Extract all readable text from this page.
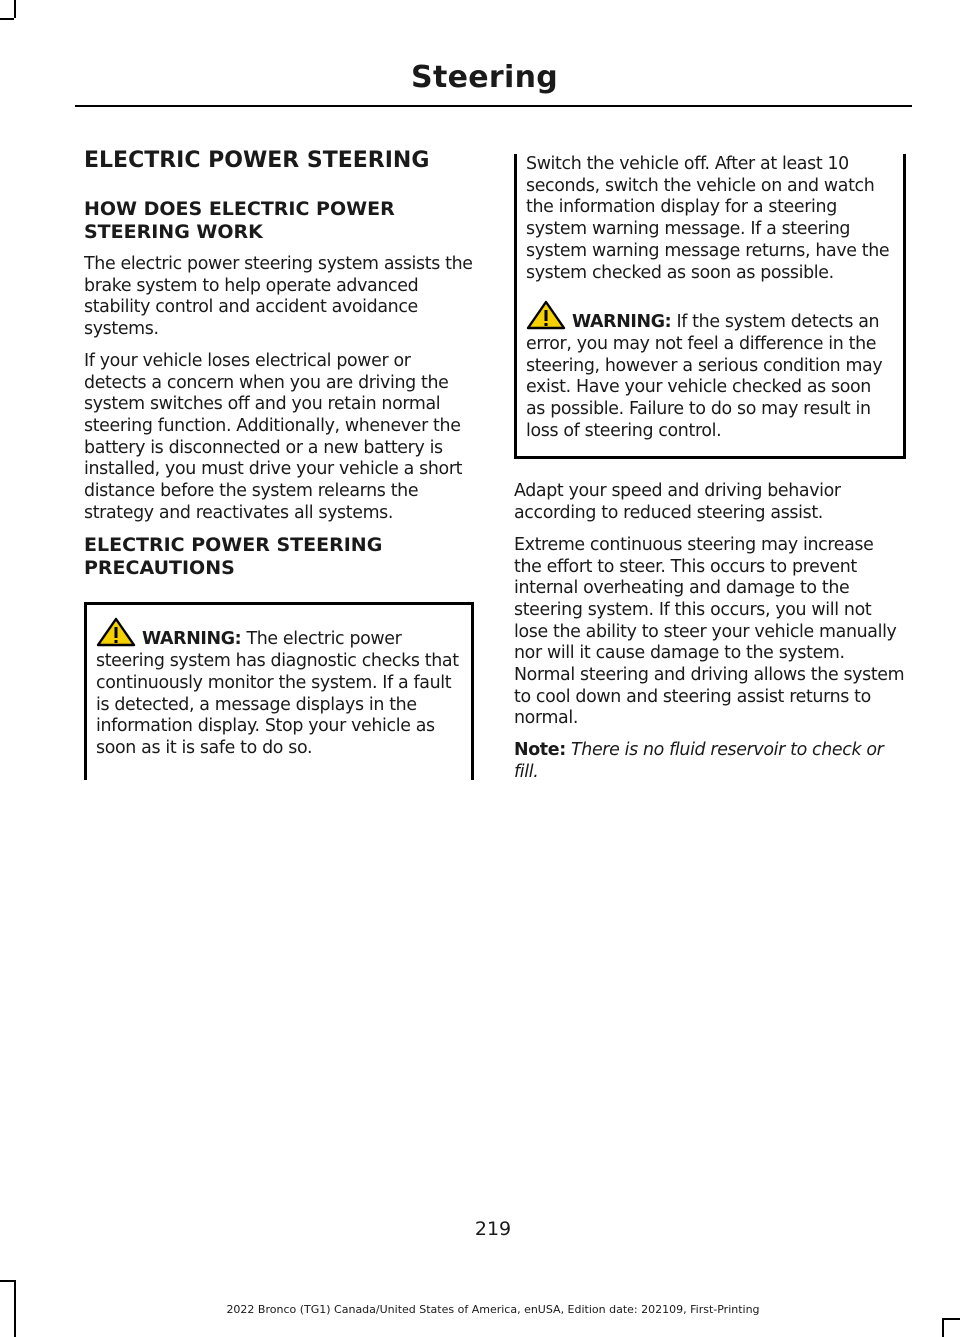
Steering
ELECTRIC POWER STEERING
HOW DOES ELECTRIC POWER STEERING WORK

The electric power steering system assists the brake system to help operate advanced stability control and accident avoidance systems.

If your vehicle loses electrical power or detects a concern when you are driving the system switches off and you retain normal steering function. Additionally, whenever the battery is disconnected or a new battery is installed, you must drive your vehicle a short distance before the system relearns the strategy and reactivates all systems.

ELECTRIC POWER STEERING PRECAUTIONS

WARNING: The electric power steering system has diagnostic checks that continuously monitor the system. If a fault is detected, a message displays in the information display. Stop your vehicle as soon as it is safe to do so.

Switch the vehicle off. After at least 10 seconds, switch the vehicle on and watch the information display for a steering system warning message. If a steering system warning message returns, have the system checked as soon as possible.

WARNING: If the system detects an error, you may not feel a difference in the steering, however a serious condition may exist. Have your vehicle checked as soon as possible. Failure to do so may result in loss of steering control.

Adapt your speed and driving behavior according to reduced steering assist.

Extreme continuous steering may increase the effort to steer. This occurs to prevent internal overheating and damage to the steering system. If this occurs, you will not lose the ability to steer your vehicle manually nor will it cause damage to the system. Normal steering and driving allows the system to cool down and steering assist returns to normal.

Note: There is no fluid reservoir to check or fill.

219
2022 Bronco (TG1) Canada/United States of America, enUSA, Edition date: 202109, First-Printing
